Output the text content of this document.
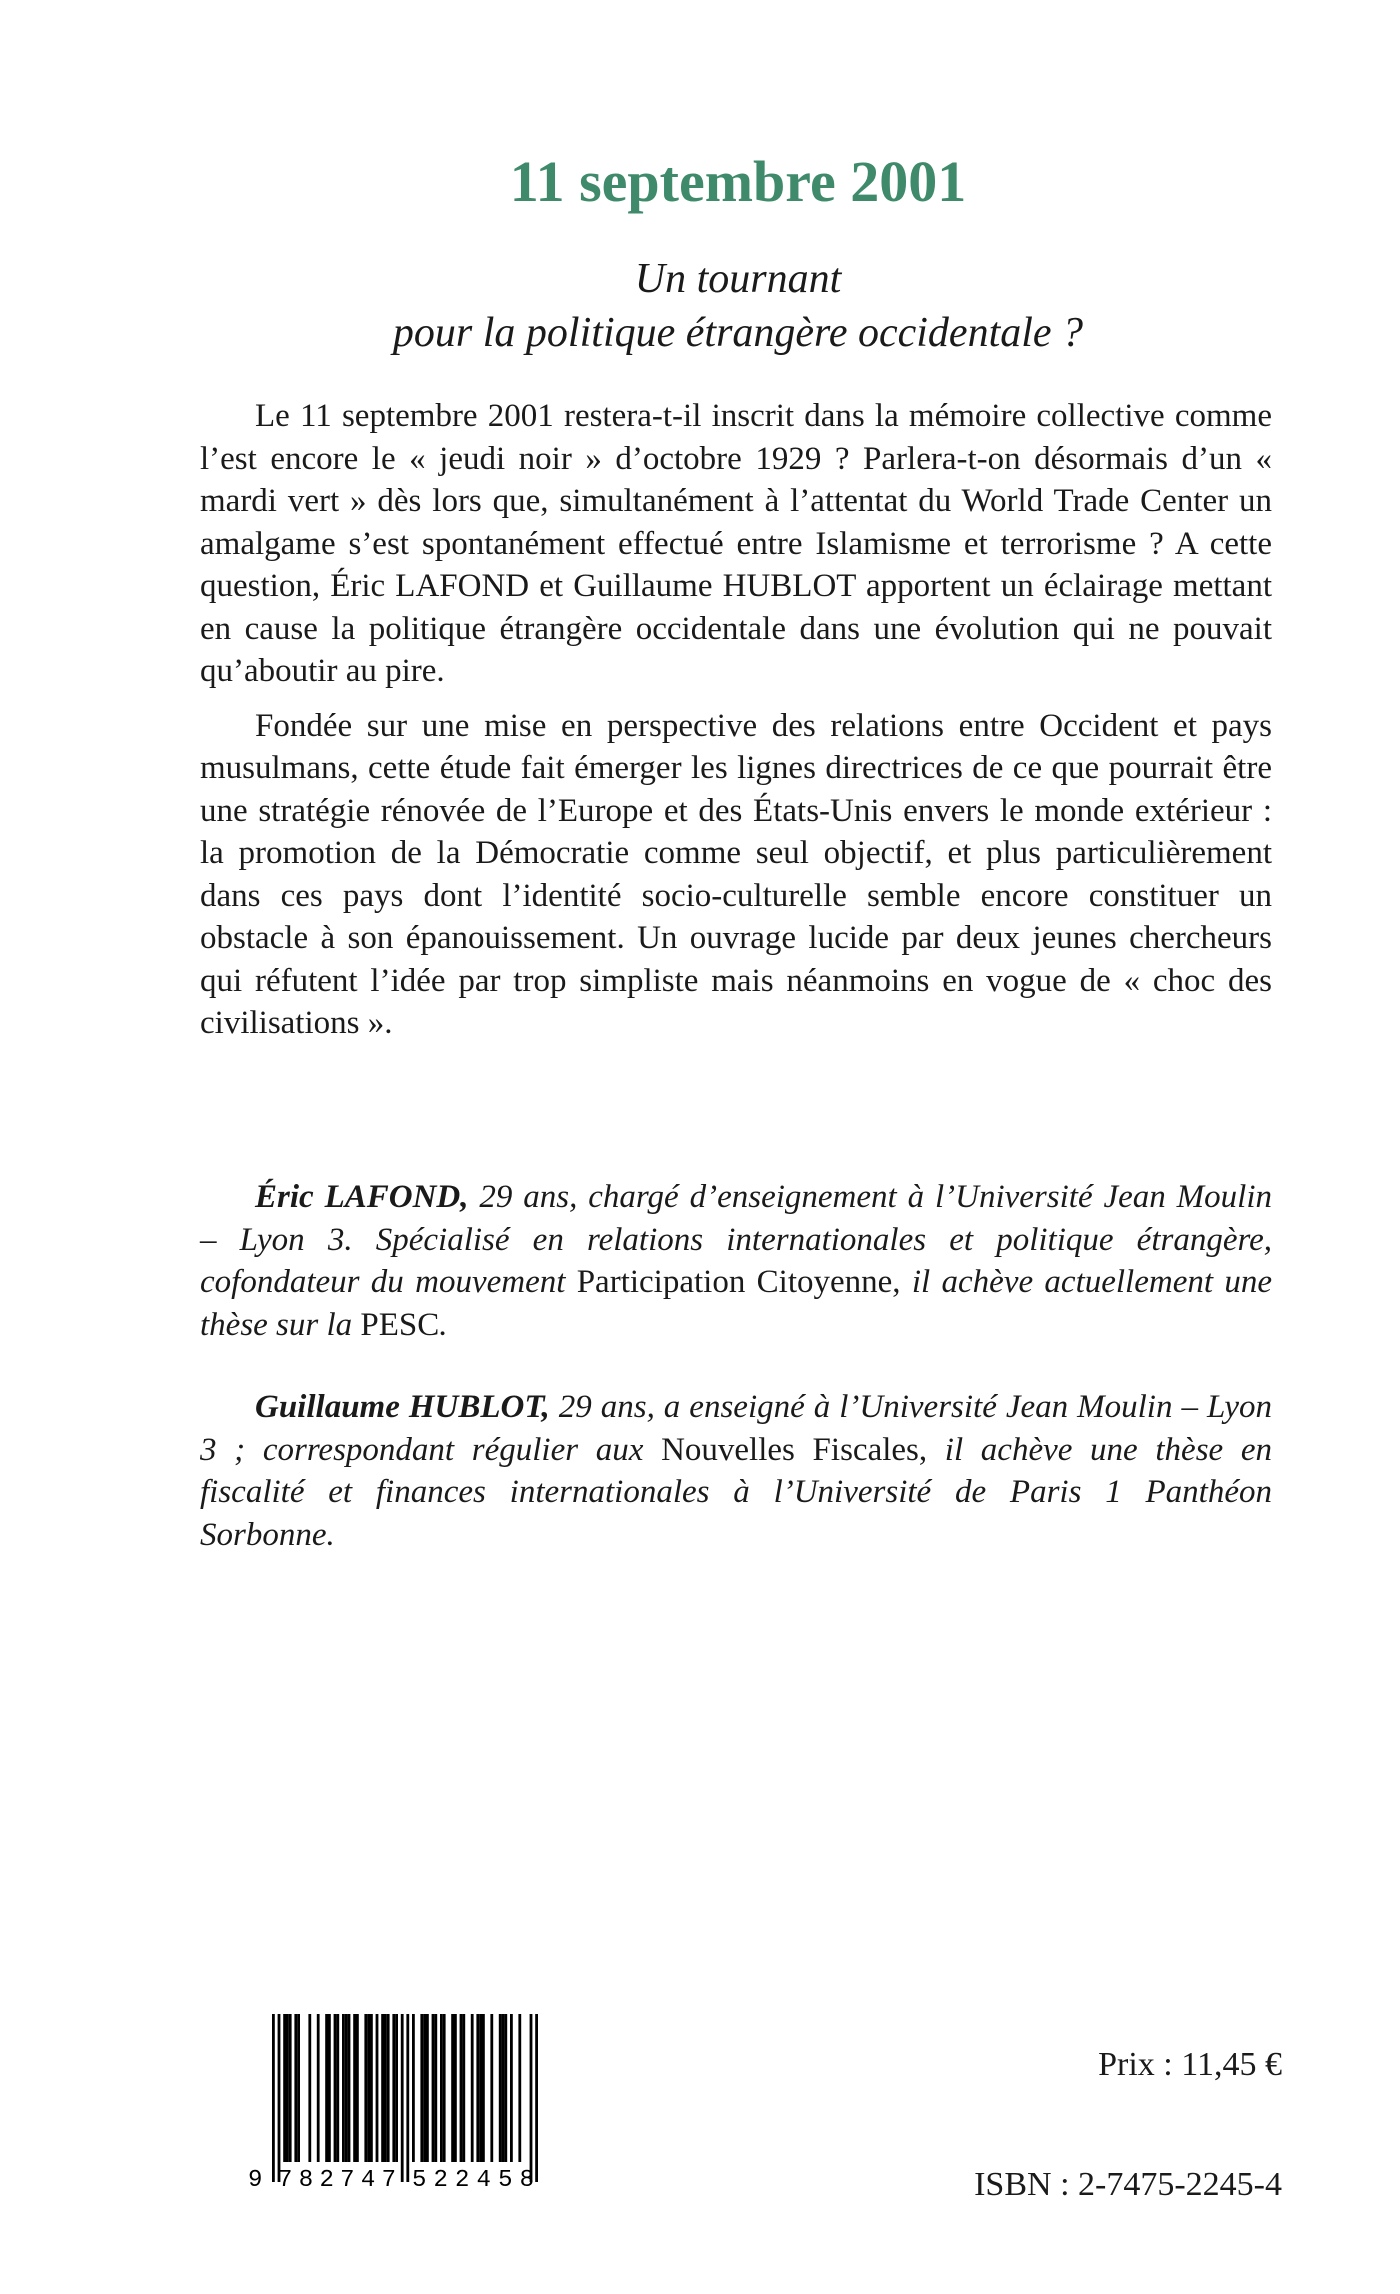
11 septembre 2001
Un tournant
pour la politique étrangère occidentale ?

Le 11 septembre 2001 restera-t-il inscrit dans la mémoire collective comme l’est encore le « jeudi noir » d’octobre 1929 ? Parlera-t-on désormais d’un « mardi vert » dès lors que, simultanément à l’attentat du World Trade Center un amalgame s’est spontanément effectué entre Islamisme et terrorisme ? A cette question, Éric LAFOND et Guillaume HUBLOT apportent un éclairage mettant en cause la politique étrangère occidentale dans une évolution qui ne pouvait qu’aboutir au pire.

Fondée sur une mise en perspective des relations entre Occident et pays musulmans, cette étude fait émerger les lignes directrices de ce que pourrait être une stratégie rénovée de l’Europe et des États-Unis envers le monde extérieur : la promotion de la Démocratie comme seul objectif, et plus particulièrement dans ces pays dont l’identité socio-culturelle semble encore constituer un obstacle à son épanouissement. Un ouvrage lucide par deux jeunes chercheurs qui réfutent l’idée par trop simpliste mais néanmoins en vogue de « choc des civilisations ».

Éric LAFOND, 29 ans, chargé d’enseignement à l’Université Jean Moulin – Lyon 3. Spécialisé en relations internationales et politique étrangère, cofondateur du mouvement Participation Citoyenne, il achève actuellement une thèse sur la PESC.

Guillaume HUBLOT, 29 ans, a enseigné à l’Université Jean Moulin – Lyon 3 ; correspondant régulier aux Nouvelles Fiscales, il achève une thèse en fiscalité et finances internationales à l’Université de Paris 1 Panthéon Sorbonne.

9 782747 522458
Prix : 11,45 €
ISBN : 2-7475-2245-4
